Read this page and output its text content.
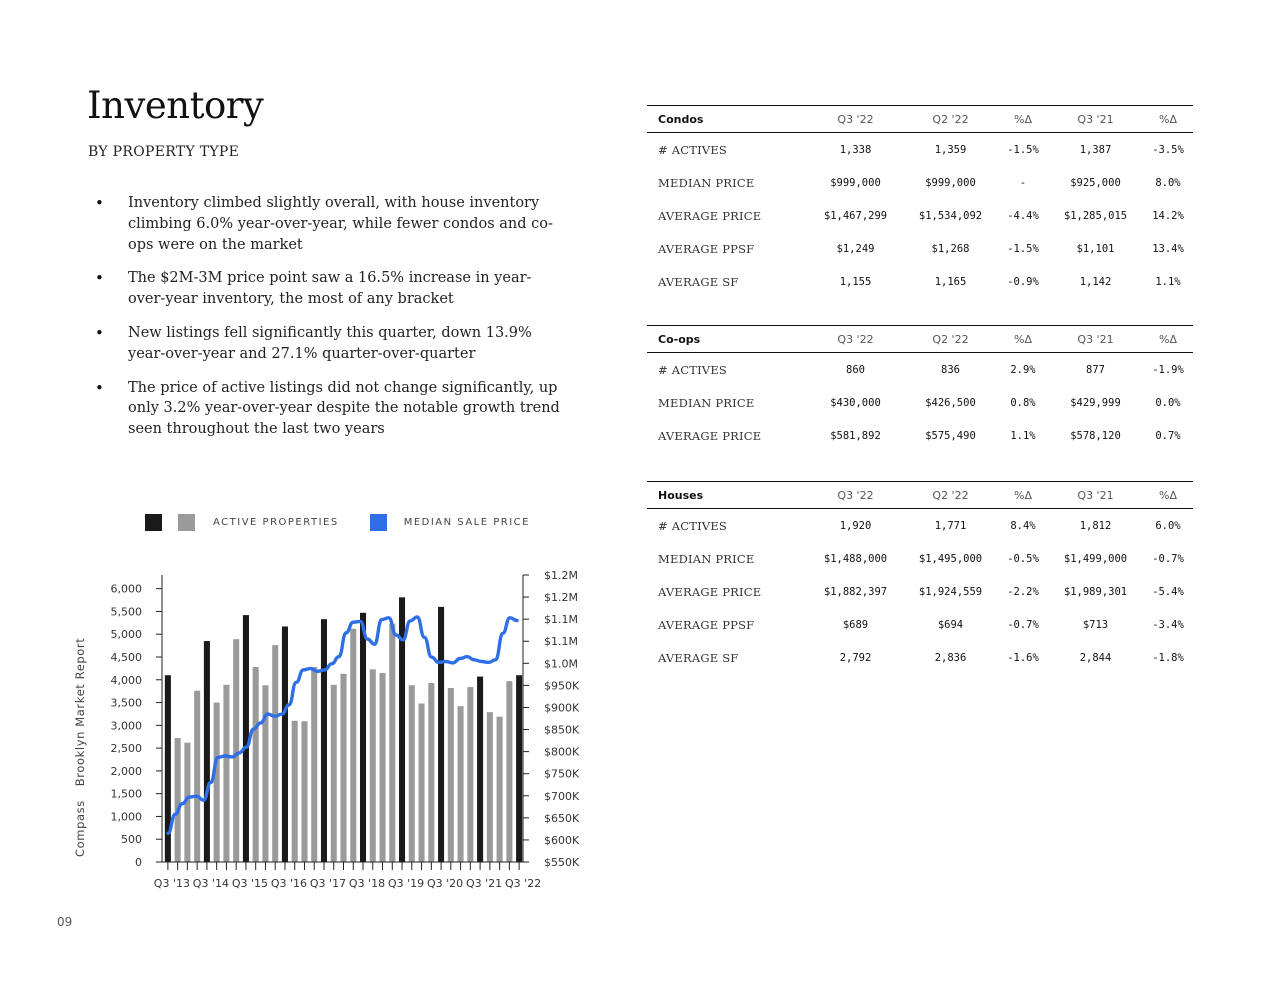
Inventory
BY PROPERTY TYPE
• Inventory climbed slightly overall, with house inventory climbing 6.0% year-over-year, while fewer condos and co-ops were on the market
• The $2M-3M price point saw a 16.5% increase in year-over-year inventory, the most of any bracket
• New listings fell significantly this quarter, down 13.9% year-over-year and 27.1% quarter-over-quarter
• The price of active listings did not change significantly, up only 3.2% year-over-year despite the notable growth trend seen throughout the last two years
CompassBrooklyn Market Report
09
ACTIVE PROPERTIES	MEDIAN SALE PRICE
0
500
1,000
1,500
2,000
2,500
3,000
3,500
4,000
4,500
5,000
5,500
6,000
$550K
$600K
$650K
$700K
$750K
$800K
$850K
$900K
$950K
$1.0M
$1.1M
$1.1M
$1.2M
$1.2M
Q3 '13 Q3 '14 Q3 '15 Q3 '16 Q3 '17 Q3 '18 Q3 '19 Q3 '20 Q3 '21 Q3 '22
Condos	Q3 '22	Q2 '22	%Δ	Q3 '21	%Δ
# ACTIVES	1,338	1,359	-1.5%	1,387	-3.5%
MEDIAN PRICE	$999,000	$999,000	-	$925,000	8.0%
AVERAGE PRICE	$1,467,299	$1,534,092	-4.4%	$1,285,015	14.2%
AVERAGE PPSF	$1,249	$1,268	-1.5%	$1,101	13.4%
AVERAGE SF	1,155	1,165	-0.9%	1,142	1.1%
Co-ops	Q3 '22	Q2 '22	%Δ	Q3 '21	%Δ
# ACTIVES	860	836	2.9%	877	-1.9%
MEDIAN PRICE	$430,000	$426,500	0.8%	$429,999	0.0%
AVERAGE PRICE	$581,892	$575,490	1.1%	$578,120	0.7%
Houses	Q3 '22	Q2 '22	%Δ	Q3 '21	%Δ
# ACTIVES	1,920	1,771	8.4%	1,812	6.0%
MEDIAN PRICE	$1,488,000	$1,495,000	-0.5%	$1,499,000	-0.7%
AVERAGE PRICE	$1,882,397	$1,924,559	-2.2%	$1,989,301	-5.4%
AVERAGE PPSF	$689	$694	-0.7%	$713	-3.4%
AVERAGE SF	2,792	2,836	-1.6%	2,844	-1.8%
